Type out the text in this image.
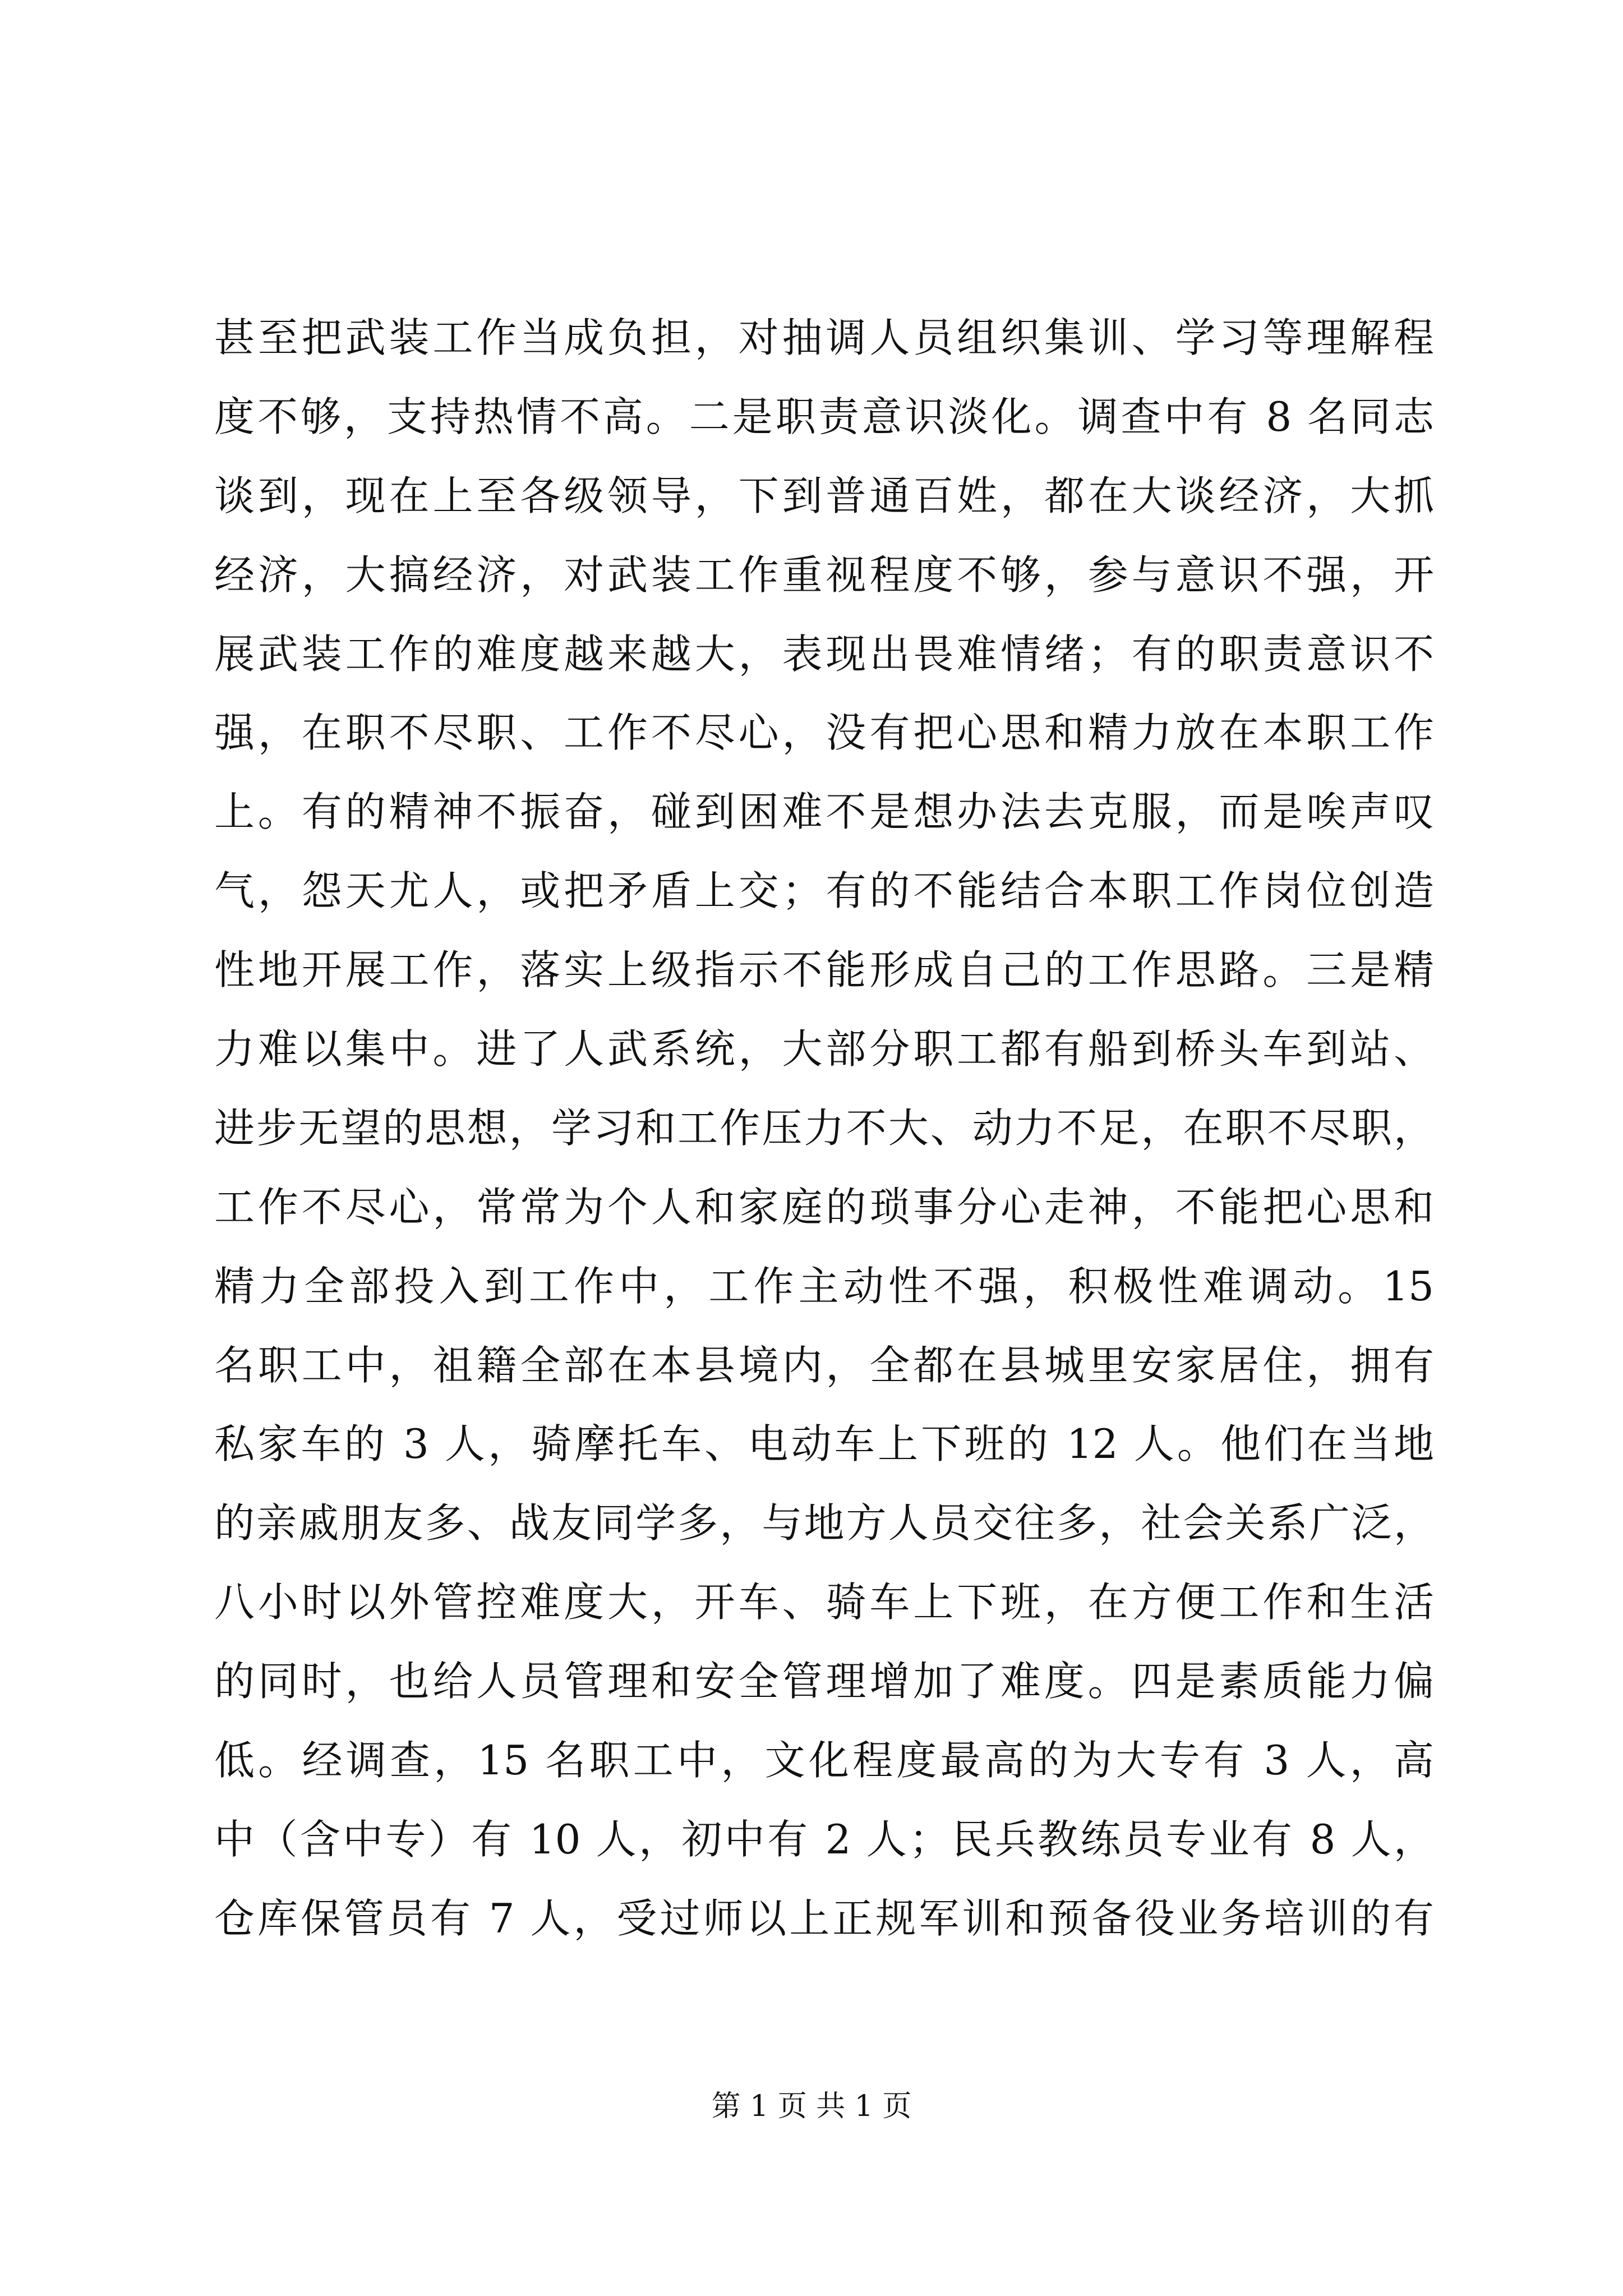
甚至把武装工作当成负担，对抽调人员组织集训、学习等理解程
度不够，支持热情不高。二是职责意识淡化。调查中有 8 名同志
谈到，现在上至各级领导，下到普通百姓，都在大谈经济，大抓
经济，大搞经济，对武装工作重视程度不够，参与意识不强，开
展武装工作的难度越来越大，表现出畏难情绪；有的职责意识不
强，在职不尽职、工作不尽心，没有把心思和精力放在本职工作
上。有的精神不振奋，碰到困难不是想办法去克服，而是唉声叹
气，怨天尤人，或把矛盾上交；有的不能结合本职工作岗位创造
性地开展工作，落实上级指示不能形成自己的工作思路。三是精
力难以集中。进了人武系统，大部分职工都有船到桥头车到站、
进步无望的思想，学习和工作压力不大、动力不足，在职不尽职，
工作不尽心，常常为个人和家庭的琐事分心走神，不能把心思和
精力全部投入到工作中，工作主动性不强，积极性难调动。15
名职工中，祖籍全部在本县境内，全都在县城里安家居住，拥有
私家车的 3 人，骑摩托车、电动车上下班的 12 人。他们在当地
的亲戚朋友多、战友同学多，与地方人员交往多，社会关系广泛，
八小时以外管控难度大，开车、骑车上下班，在方便工作和生活
的同时，也给人员管理和安全管理增加了难度。四是素质能力偏
低。经调查，15 名职工中，文化程度最高的为大专有 3 人，高
中（含中专）有 10 人，初中有 2 人；民兵教练员专业有 8 人，
仓库保管员有 7 人，受过师以上正规军训和预备役业务培训的有
第 1 页 共 1 页
